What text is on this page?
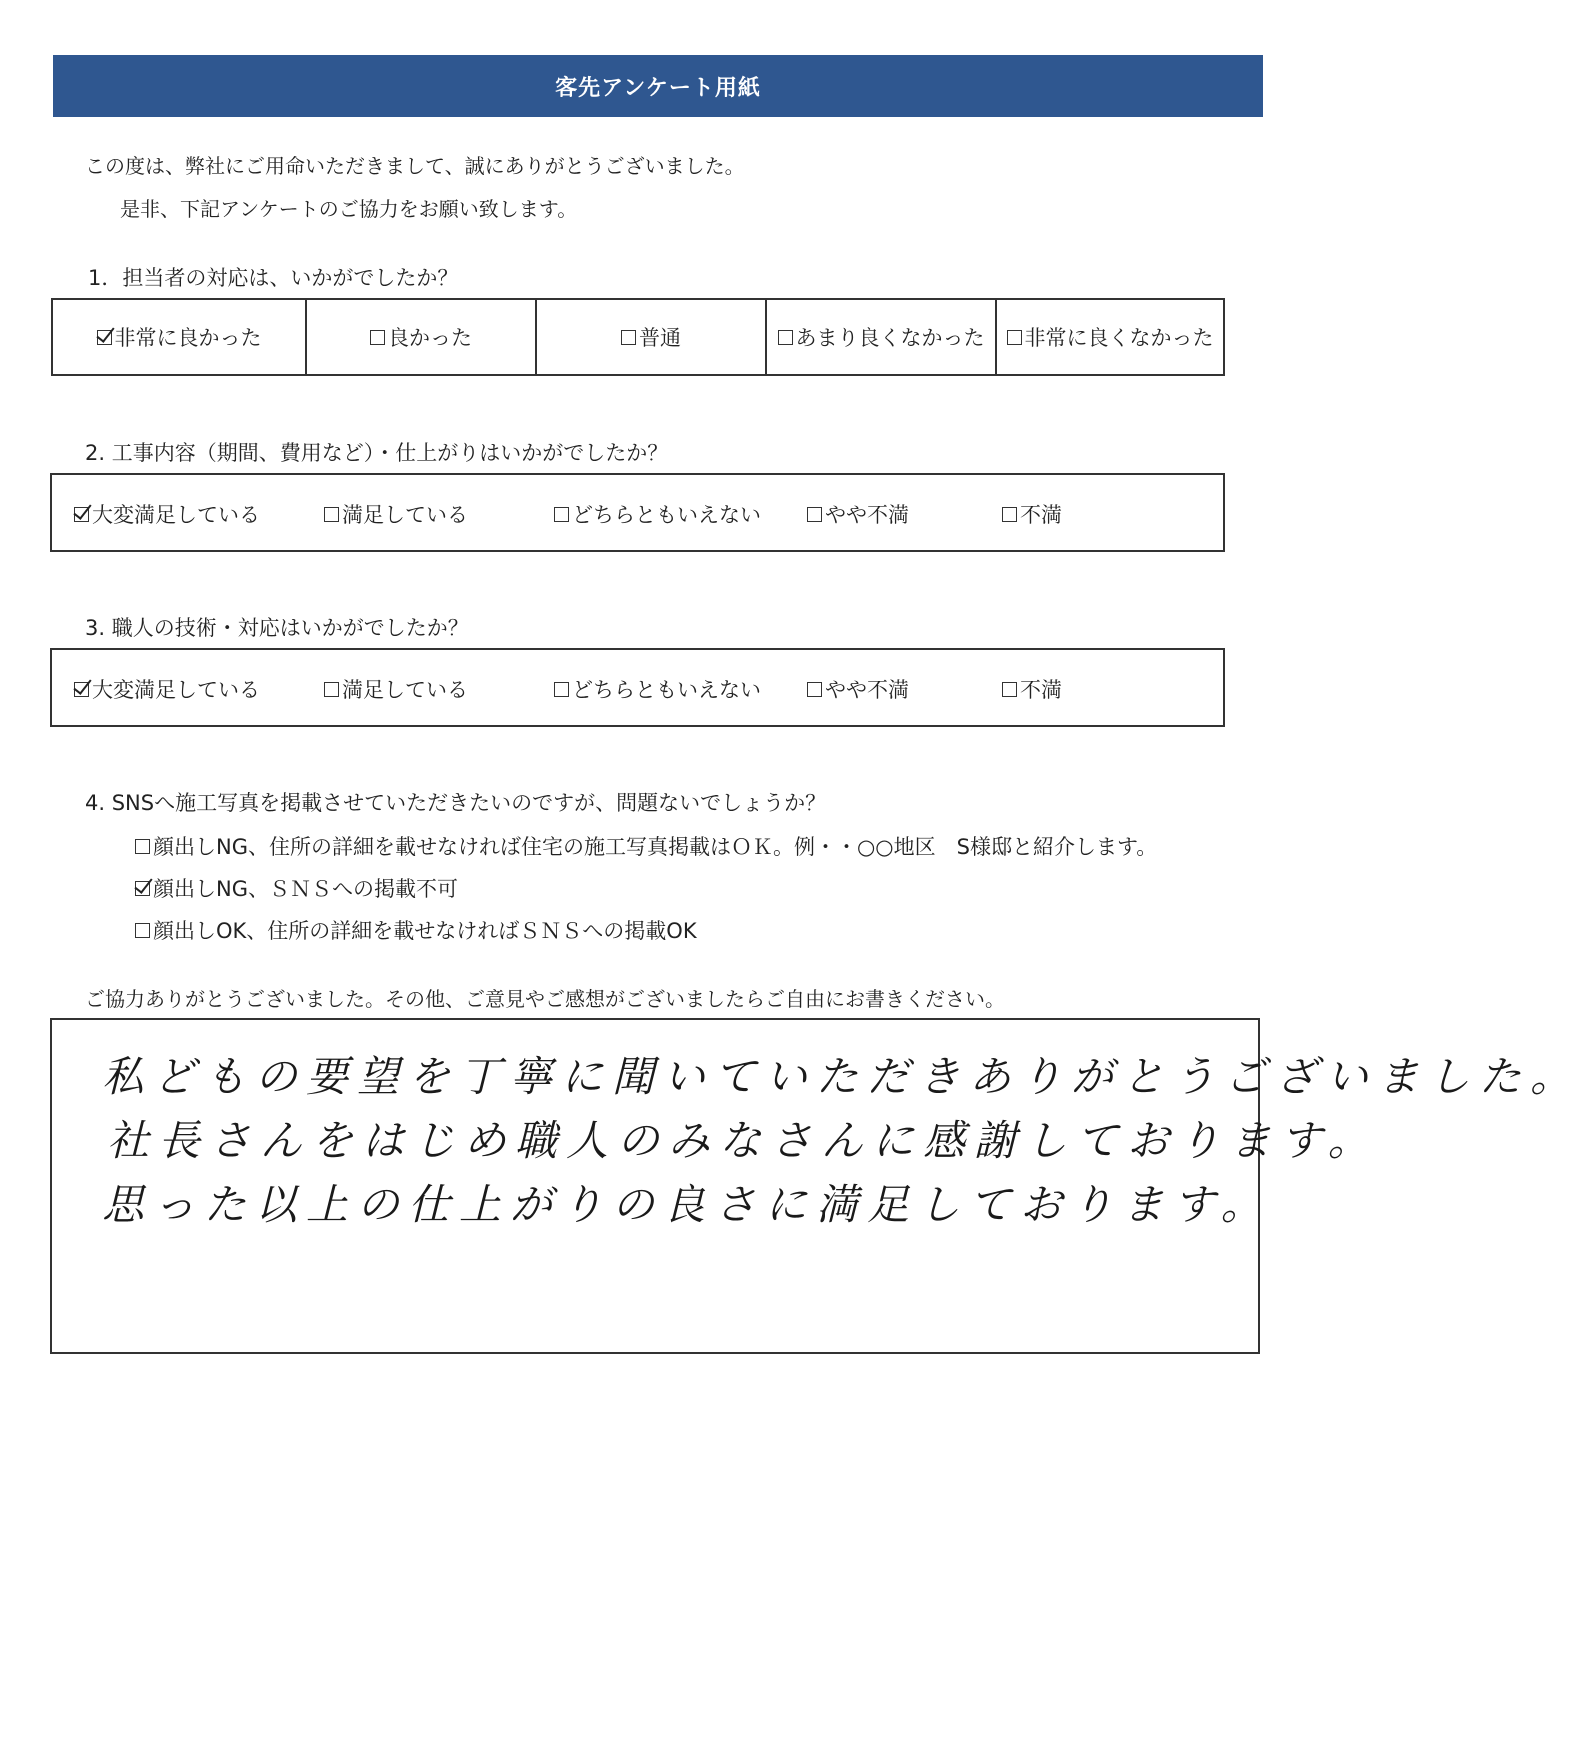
客先アンケート用紙
この度は、弊社にご用命いただきまして、誠にありがとうございました。
是非、下記アンケートのご協力をお願い致します。
1．担当者の対応は、いかがでしたか？
非常に良かった	良かった	普通	あまり良くなかった 非常に良くなかった
2. 工事内容（期間、費用など）・仕上がりはいかがでしたか？
大変満足している	満足している	どちらともいえない	やや不満	不満
3. 職人の技術・対応はいかがでしたか？
大変満足している	満足している	どちらともいえない	やや不満	不満
4. SNSへ施工写真を掲載させていただきたいのですが、問題ないでしょうか？
顔出しNG、住所の詳細を載せなければ住宅の施工写真掲載はＯＫ。例・・○○地区　S様邸と紹介します。
顔出しNG、ＳＮＳへの掲載不可
顔出しOK、住所の詳細を載せなければＳＮＳへの掲載OK
ご協力ありがとうございました。その他、ご意見やご感想がございましたらご自由にお書きください。
私どもの要望を丁寧に聞いていただきありがとうございました。
社長さんをはじめ職人のみなさんに感謝しております。
思った以上の仕上がりの良さに満足しております。
